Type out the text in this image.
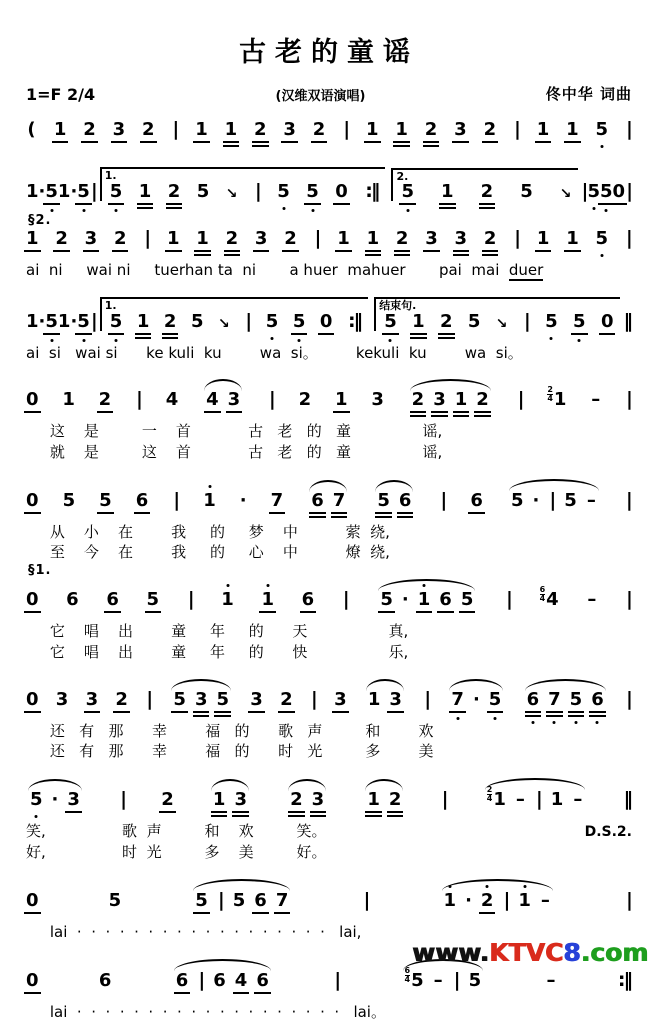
古老的童谣
1=F 2/4	(汉维双语演唱)	佟中华 词曲
( 1 2 3 2 | 1 1 2 3 2 | 1 1 2 3 2 | 1 1 5 |
1 · 5 1 · 5 |
1.
5 1 2 5 ↘ | 5 5 0 :‖
2.
5 1 2 5 ↘ | 5 5 0 |
§2.
1 2 3 2 | 1 1 2 3 2 | 1 1 2 3 3 2 | 1 1 5 |
ai  ni     wai ni     tuerhan ta  ni       a huer  mahuer       pai  mai  duer
1 · 5 1 · 5 |
1.
5 1 2 5 ↘ | 5 5 0 :‖
结束句.
5 1 2 5 ↘ | 5 5 0 ‖
ai  si   wai si      ke kuli  ku        wa  si。        kekuli  ku        wa  si。
0 1 2 | 4 4 3 | 2 1 3 2 3 1 2 |	$\frac{2}{4} 1$ – |
这    是         一    首            古   老   的   童               谣,
就    是         这    首            古   老   的   童               谣,
0 5 5 6 | 1 · 7 6 7 5 6 | 6 5 · | 5 – |
从    小    在        我     的     梦    中          萦  绕,
至    今    在        我     的     心    中          燎  绕,
§1.
0 6 6 5 | 1 1 6 | 5 · 1 6 5 |	$\frac{6}{4} 4$ – |
它    唱    出        童     年     的      天                 真,
它    唱    出        童     年     的      快                 乐,
0 3 3 2 | 5 3 5 3 2 | 3 1 3 | 7 · 5 6 7 5 6 |
还   有   那      幸        福   的      歌   声         和        欢
还   有   那      幸        福   的      时   光         多        美
5 · 3 | 2 1 3 2 3 1 2 |	$\frac{2}{4} 1$ – | 1 – ‖
笑,                歌  声         和    欢         笑。	D.S.2.
好,                时  光         多    美         好。
0	5	5 | 5 6 7	|	1 · 2 | 1 –	|
lai  ·  ·  ·  ·  ·  ·  ·  ·  ·  ·  ·  ·  ·  ·  ·  ·  ·  ·   lai,
0	6	6 | 6 4 6	|	$\frac{6}{4} 5$ – | 5	–	:‖
lai  ·  ·  ·  ·  ·  ·  ·  ·  ·  ·  ·  ·  ·  ·  ·  ·  ·  ·  ·   lai。
www.KTVC8.com
